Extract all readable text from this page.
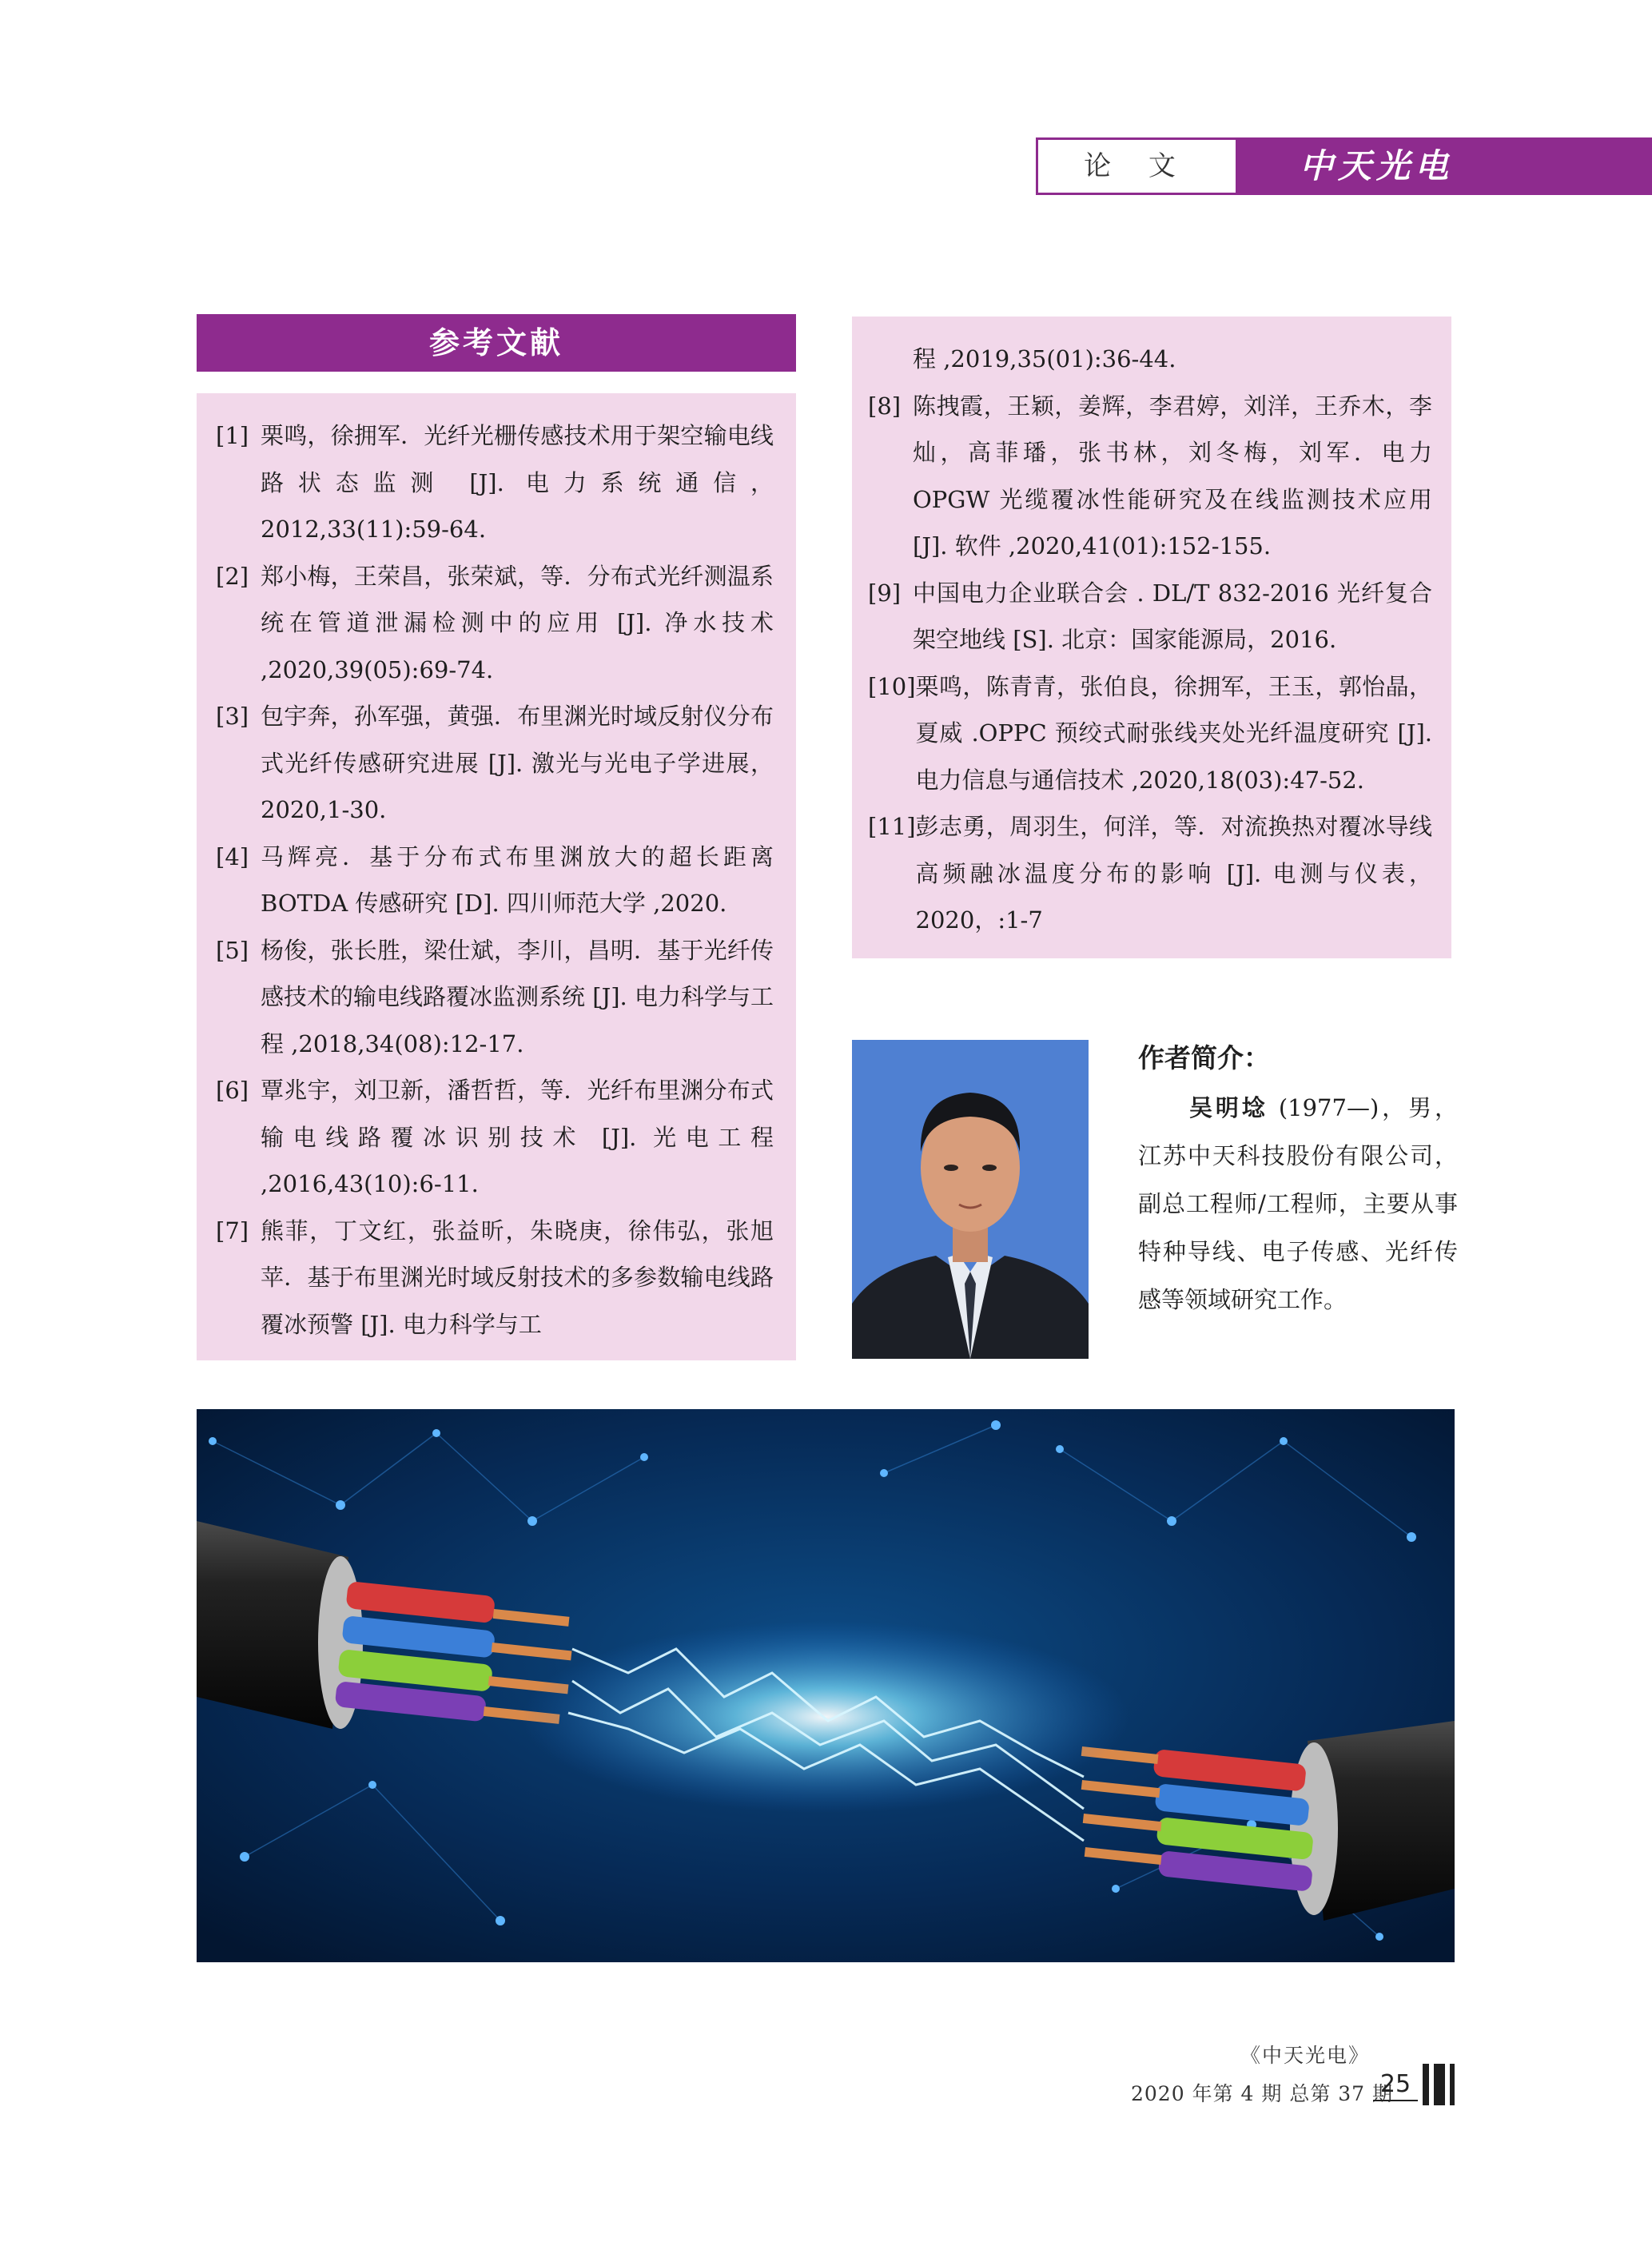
论 文	中天光电
参考文献
[1] 栗鸣，徐拥军．光纤光栅传感技术用于架空输电线路状态监测 [J]. 电力系统通信，2012,33(11):59-64.
[2] 郑小梅，王荣昌，张荣斌，等．分布式光纤测温系统在管道泄漏检测中的应用 [J]. 净水技术 ,2020,39(05):69-74.
[3] 包宇奔，孙军强，黄强．布里渊光时域反射仪分布式光纤传感研究进展 [J]. 激光与光电子学进展，2020,1-30.
[4] 马辉亮．基于分布式布里渊放大的超长距离 BOTDA 传感研究 [D]. 四川师范大学 ,2020.
[5] 杨俊，张长胜，梁仕斌，李川，昌明．基于光纤传感技术的输电线路覆冰监测系统 [J]. 电力科学与工程 ,2018,34(08):12-17.
[6] 覃兆宇，刘卫新，潘哲哲，等．光纤布里渊分布式输电线路覆冰识别技术 [J]. 光电工程 ,2016,43(10):6-11.
[7] 熊菲，丁文红，张益昕，朱晓庚，徐伟弘，张旭苹．基于布里渊光时域反射技术的多参数输电线路覆冰预警 [J]. 电力科学与工
程 ,2019,35(01):36-44.
[8] 陈拽霞，王颖，姜辉，李君婷，刘洋，王乔木，李灿，高菲璠，张书林，刘冬梅，刘军．电力 OPGW 光缆覆冰性能研究及在线监测技术应用 [J]. 软件 ,2020,41(01):152-155.
[9] 中国电力企业联合会 . DL/T 832-2016 光纤复合架空地线 [S]. 北京：国家能源局，2016.
[10] 栗鸣，陈青青，张伯良，徐拥军，王玉，郭怡晶，夏威 .OPPC 预绞式耐张线夹处光纤温度研究 [J]. 电力信息与通信技术 ,2020,18(03):47-52.
[11] 彭志勇，周羽生，何洋，等．对流换热对覆冰导线高频融冰温度分布的影响 [J]. 电测与仪表，2020，:1-7
作者简介：
吴明埝 (1977—)，男，江苏中天科技股份有限公司，副总工程师/工程师，主要从事特种导线、电子传感、光纤传感等领域研究工作。
《中天光电》
2020 年第 4 期 总第 37 期
25
